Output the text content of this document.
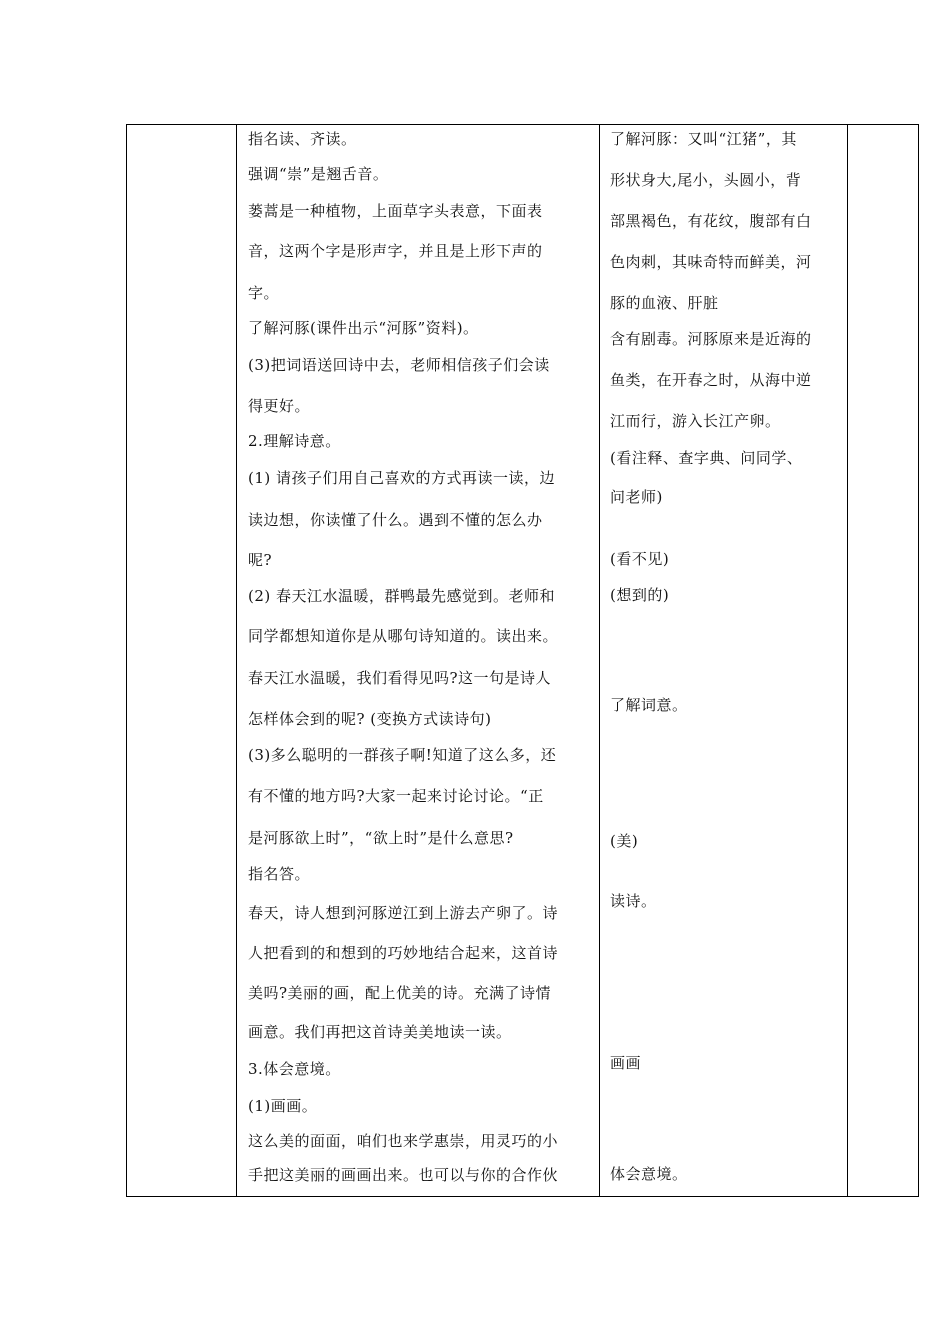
指名读、齐读。
强调“崇”是翘舌音。
蒌蒿是一种植物，上面草字头表意，下面表
音，这两个字是形声字，并且是上形下声的
字。
了解河豚(课件出示“河豚”资料)。
(3)把词语送回诗中去，老师相信孩子们会读
得更好。
2.理解诗意。
(1) 请孩子们用自己喜欢的方式再读一读，边
读边想，你读懂了什么。遇到不懂的怎么办
呢?
(2) 春天江水温暖，群鸭最先感觉到。老师和
同学都想知道你是从哪句诗知道的。读出来。
春天江水温暖，我们看得见吗?这一句是诗人
怎样体会到的呢? (变换方式读诗句)
(3)多么聪明的一群孩子啊!知道了这么多，还
有不懂的地方吗?大家一起来讨论讨论。“正
是河豚欲上时”，“欲上时”是什么意思?
指名答。
春天，诗人想到河豚逆江到上游去产卵了。诗
人把看到的和想到的巧妙地结合起来，这首诗
美吗?美丽的画，配上优美的诗。充满了诗情
画意。我们再把这首诗美美地读一读。
3.体会意境。
(1)画画。
这么美的面面，咱们也来学惠崇，用灵巧的小
手把这美丽的画画出来。也可以与你的合作伙
了解河豚：又叫“江猪”，其
形状身大,尾小，头圆小，背
部黑褐色，有花纹，腹部有白
色肉刺，其味奇特而鲜美，河
豚的血液、肝脏
含有剧毒。河豚原来是近海的
鱼类，在开春之时，从海中逆
江而行，游入长江产卵。
(看注释、查字典、问同学、
问老师)
(看不见)
(想到的)
了解词意。
(美)
读诗。
画画
体会意境。
